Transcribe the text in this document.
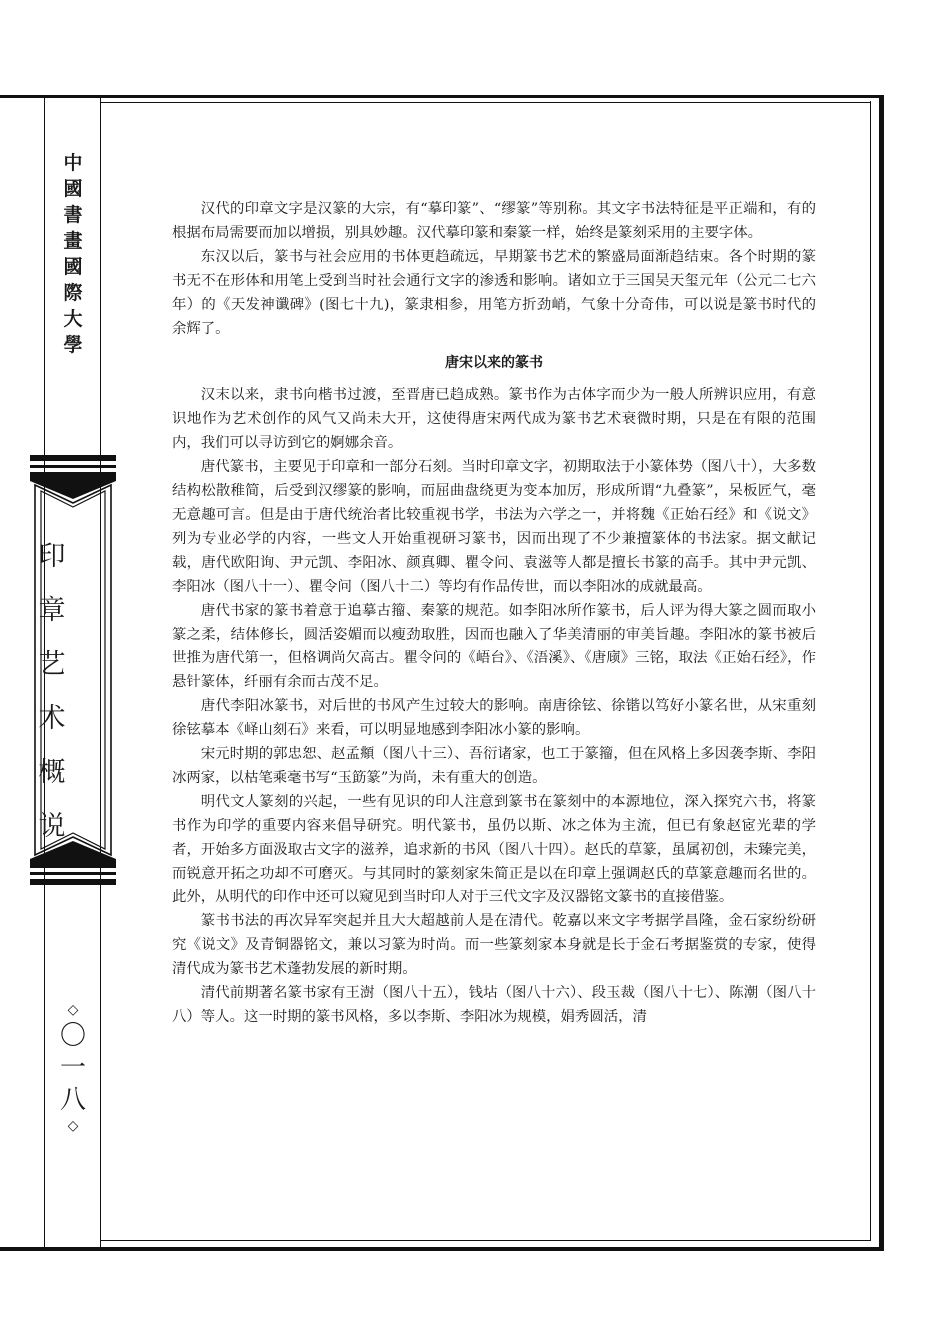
中
國
書
畫
國
際
大
學
印
章
艺
术
概
说
◇
〇
一
八
◇

汉代的印章文字是汉篆的大宗，有“摹印篆”、“缪篆”等别称。其文字书法特征是平正端和，有的根据布局需要而加以增损，别具妙趣。汉代摹印篆和秦篆一样，始终是篆刻采用的主要字体。

东汉以后，篆书与社会应用的书体更趋疏远，早期篆书艺术的繁盛局面渐趋结束。各个时期的篆书无不在形体和用笔上受到当时社会通行文字的渗透和影响。诸如立于三国吴天玺元年（公元二七六年）的《天发神谶碑》(图七十九)，篆隶相参，用笔方折劲峭，气象十分奇伟，可以说是篆书时代的余辉了。

唐宋以来的篆书

汉末以来，隶书向楷书过渡，至晋唐已趋成熟。篆书作为古体字而少为一般人所辨识应用，有意识地作为艺术创作的风气又尚未大开，这使得唐宋两代成为篆书艺术衰微时期，只是在有限的范围内，我们可以寻访到它的婀娜余音。

唐代篆书，主要见于印章和一部分石刻。当时印章文字，初期取法于小篆体势（图八十），大多数结构松散稚简，后受到汉缪篆的影响，而屈曲盘绕更为变本加厉，形成所谓“九叠篆”，呆板匠气，毫无意趣可言。但是由于唐代统治者比较重视书学，书法为六学之一，并将魏《正始石经》和《说文》列为专业必学的内容，一些文人开始重视研习篆书，因而出现了不少兼擅篆体的书法家。据文献记载，唐代欧阳询、尹元凯、李阳冰、颜真卿、瞿令问、袁滋等人都是擅长书篆的高手。其中尹元凯、李阳冰（图八十一）、瞿令问（图八十二）等均有作品传世，而以李阳冰的成就最高。

唐代书家的篆书着意于追摹古籀、秦篆的规范。如李阳冰所作篆书，后人评为得大篆之圆而取小篆之柔，结体修长，圆活姿媚而以瘦劲取胜，因而也融入了华美清丽的审美旨趣。李阳冰的篆书被后世推为唐代第一，但格调尚欠高古。瞿令问的《峿台》、《浯溪》、《唐庼》三铭，取法《正始石经》，作悬针篆体，纤丽有余而古茂不足。

唐代李阳冰篆书，对后世的书风产生过较大的影响。南唐徐铉、徐锴以笃好小篆名世，从宋重刻徐铉摹本《峄山刻石》来看，可以明显地感到李阳冰小篆的影响。

宋元时期的郭忠恕、赵孟頫（图八十三）、吾衍诸家，也工于篆籀，但在风格上多因袭李斯、李阳冰两家，以枯笔乘毫书写“玉筯篆”为尚，未有重大的创造。

明代文人篆刻的兴起，一些有见识的印人注意到篆书在篆刻中的本源地位，深入探究六书，将篆书作为印学的重要内容来倡导研究。明代篆书，虽仍以斯、冰之体为主流，但已有象赵宧光辈的学者，开始多方面汲取古文字的滋养，追求新的书风（图八十四）。赵氏的草篆，虽属初创，未臻完美，而锐意开拓之功却不可磨灭。与其同时的篆刻家朱简正是以在印章上强调赵氏的草篆意趣而名世的。此外，从明代的印作中还可以窥见到当时印人对于三代文字及汉器铭文篆书的直接借鉴。

篆书书法的再次异军突起并且大大超越前人是在清代。乾嘉以来文字考据学昌隆，金石家纷纷研究《说文》及青铜器铭文，兼以习篆为时尚。而一些篆刻家本身就是长于金石考据鉴赏的专家，使得清代成为篆书艺术蓬勃发展的新时期。

清代前期著名篆书家有王澍（图八十五），钱坫（图八十六）、段玉裁（图八十七）、陈潮（图八十八）等人。这一时期的篆书风格，多以李斯、李阳冰为规模，娟秀圆活，清
